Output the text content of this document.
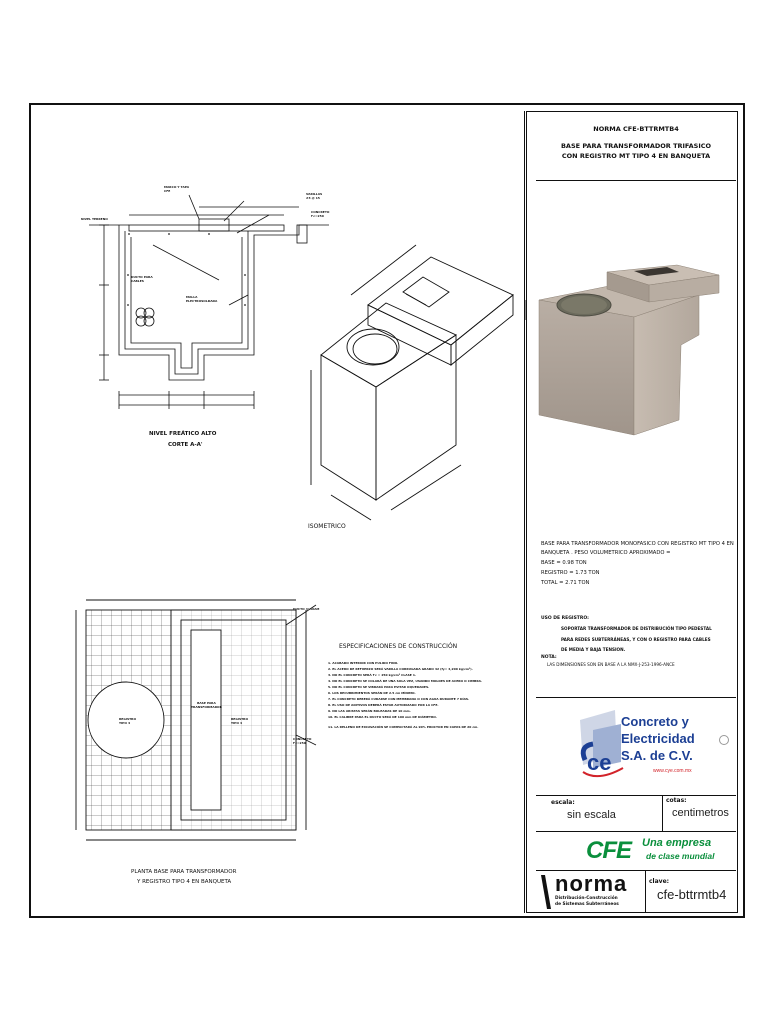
MARCO Y TAPA
CFE
NIVEL TERRENO
VARILLAS
#3 @ 15
CONCRETO
f'c=250
DUCTO PARA
CABLES
MALLA
ELECTROSOLDADA
NIVEL FREÁTICO ALTO
CORTE A-A'
ISOMETRICO
DUCTO 4" DIAM
REGISTRO
TIPO 4
BASE PARA
TRANSFORMADOR
REGISTRO
TIPO 4
CONCRETO
f'c=250
ESPECIFICACIONES DE CONSTRUCCIÓN
1. ACABADO INTERIOR CON PULIDO FINO.
2. EL ACERO DE REFUERZO SERÁ VARILLA CORRUGADA GRADO 42 (fy= 4,200 kg/cm²).
3. NO EL CONCRETO SERÁ f'c = 250 kg/cm² CLASE 1.
4. NO EL CONCRETO SE COLARÁ DE UNA SOLA VEZ, USANDO MOLDES DE ACERO O CIMBRA.
5. NO EL CONCRETO SE VIBRARÁ PARA EVITAR OQUEDADES.
6. LOS RECUBRIMIENTOS SERÁN DE 2.5 cm MÍNIMO.
7. EL CONCRETO DEBERÁ CURARSE CON MEMBRANA O CON AGUA DURANTE 7 DÍAS.
8. EL USO DE ADITIVOS DEBERÁ ESTAR AUTORIZADO POR LA CFE.
9. NO LAS ARISTAS SERÁN BOLEADAS DE 10 mm.
10. EL CALIBRE PARA EL DUCTO SERÁ DE 100 mm DE DIÁMETRO.
11. LA RELLENO DE EXCAVACIÓN SE COMPACTARÁ AL 90% PROCTOR EN CAPAS DE 20 cm.
PLANTA BASE PARA TRANSFORMADOR
Y REGISTRO TIPO 4 EN BANQUETA
NORMA CFE-BTTRMTB4
BASE PARA TRANSFORMADOR TRIFASICO
CON REGISTRO MT TIPO 4 EN BANQUETA
BASE PARA TRANSFORMADOR MONOFASICO CON REGISTRO MT TIPO 4 EN BANQUETA . PESO VOLUMETRICO APROXIMADO =
BASE = 0.98 TON
REGISTRO = 1.73 TON
TOTAL = 2.71 TON
USO DE REGISTRO:
SOPORTAR TRANSFORMADOR DE DISTRIBUCIÓN TIPO PEDESTAL
PARA REDES SUBTERRÁNEAS, Y CON O REGISTRO PARA CABLES
DE MEDIA Y BAJA TENSION.
NOTA:
LAS DIMENSIONES SON EN BASE A LA NMX-J-253-1996-ANCE
ce
Concreto y
Electricidad
S.A. de C.V.
www.cye.com.mx
escala:
sin escala
cotas:
centimetros
CFE Una empresa
de clase mundial
norma
Distribución-Construcción
de Sistemas Subterráneos
clave:
cfe-bttrmtb4
